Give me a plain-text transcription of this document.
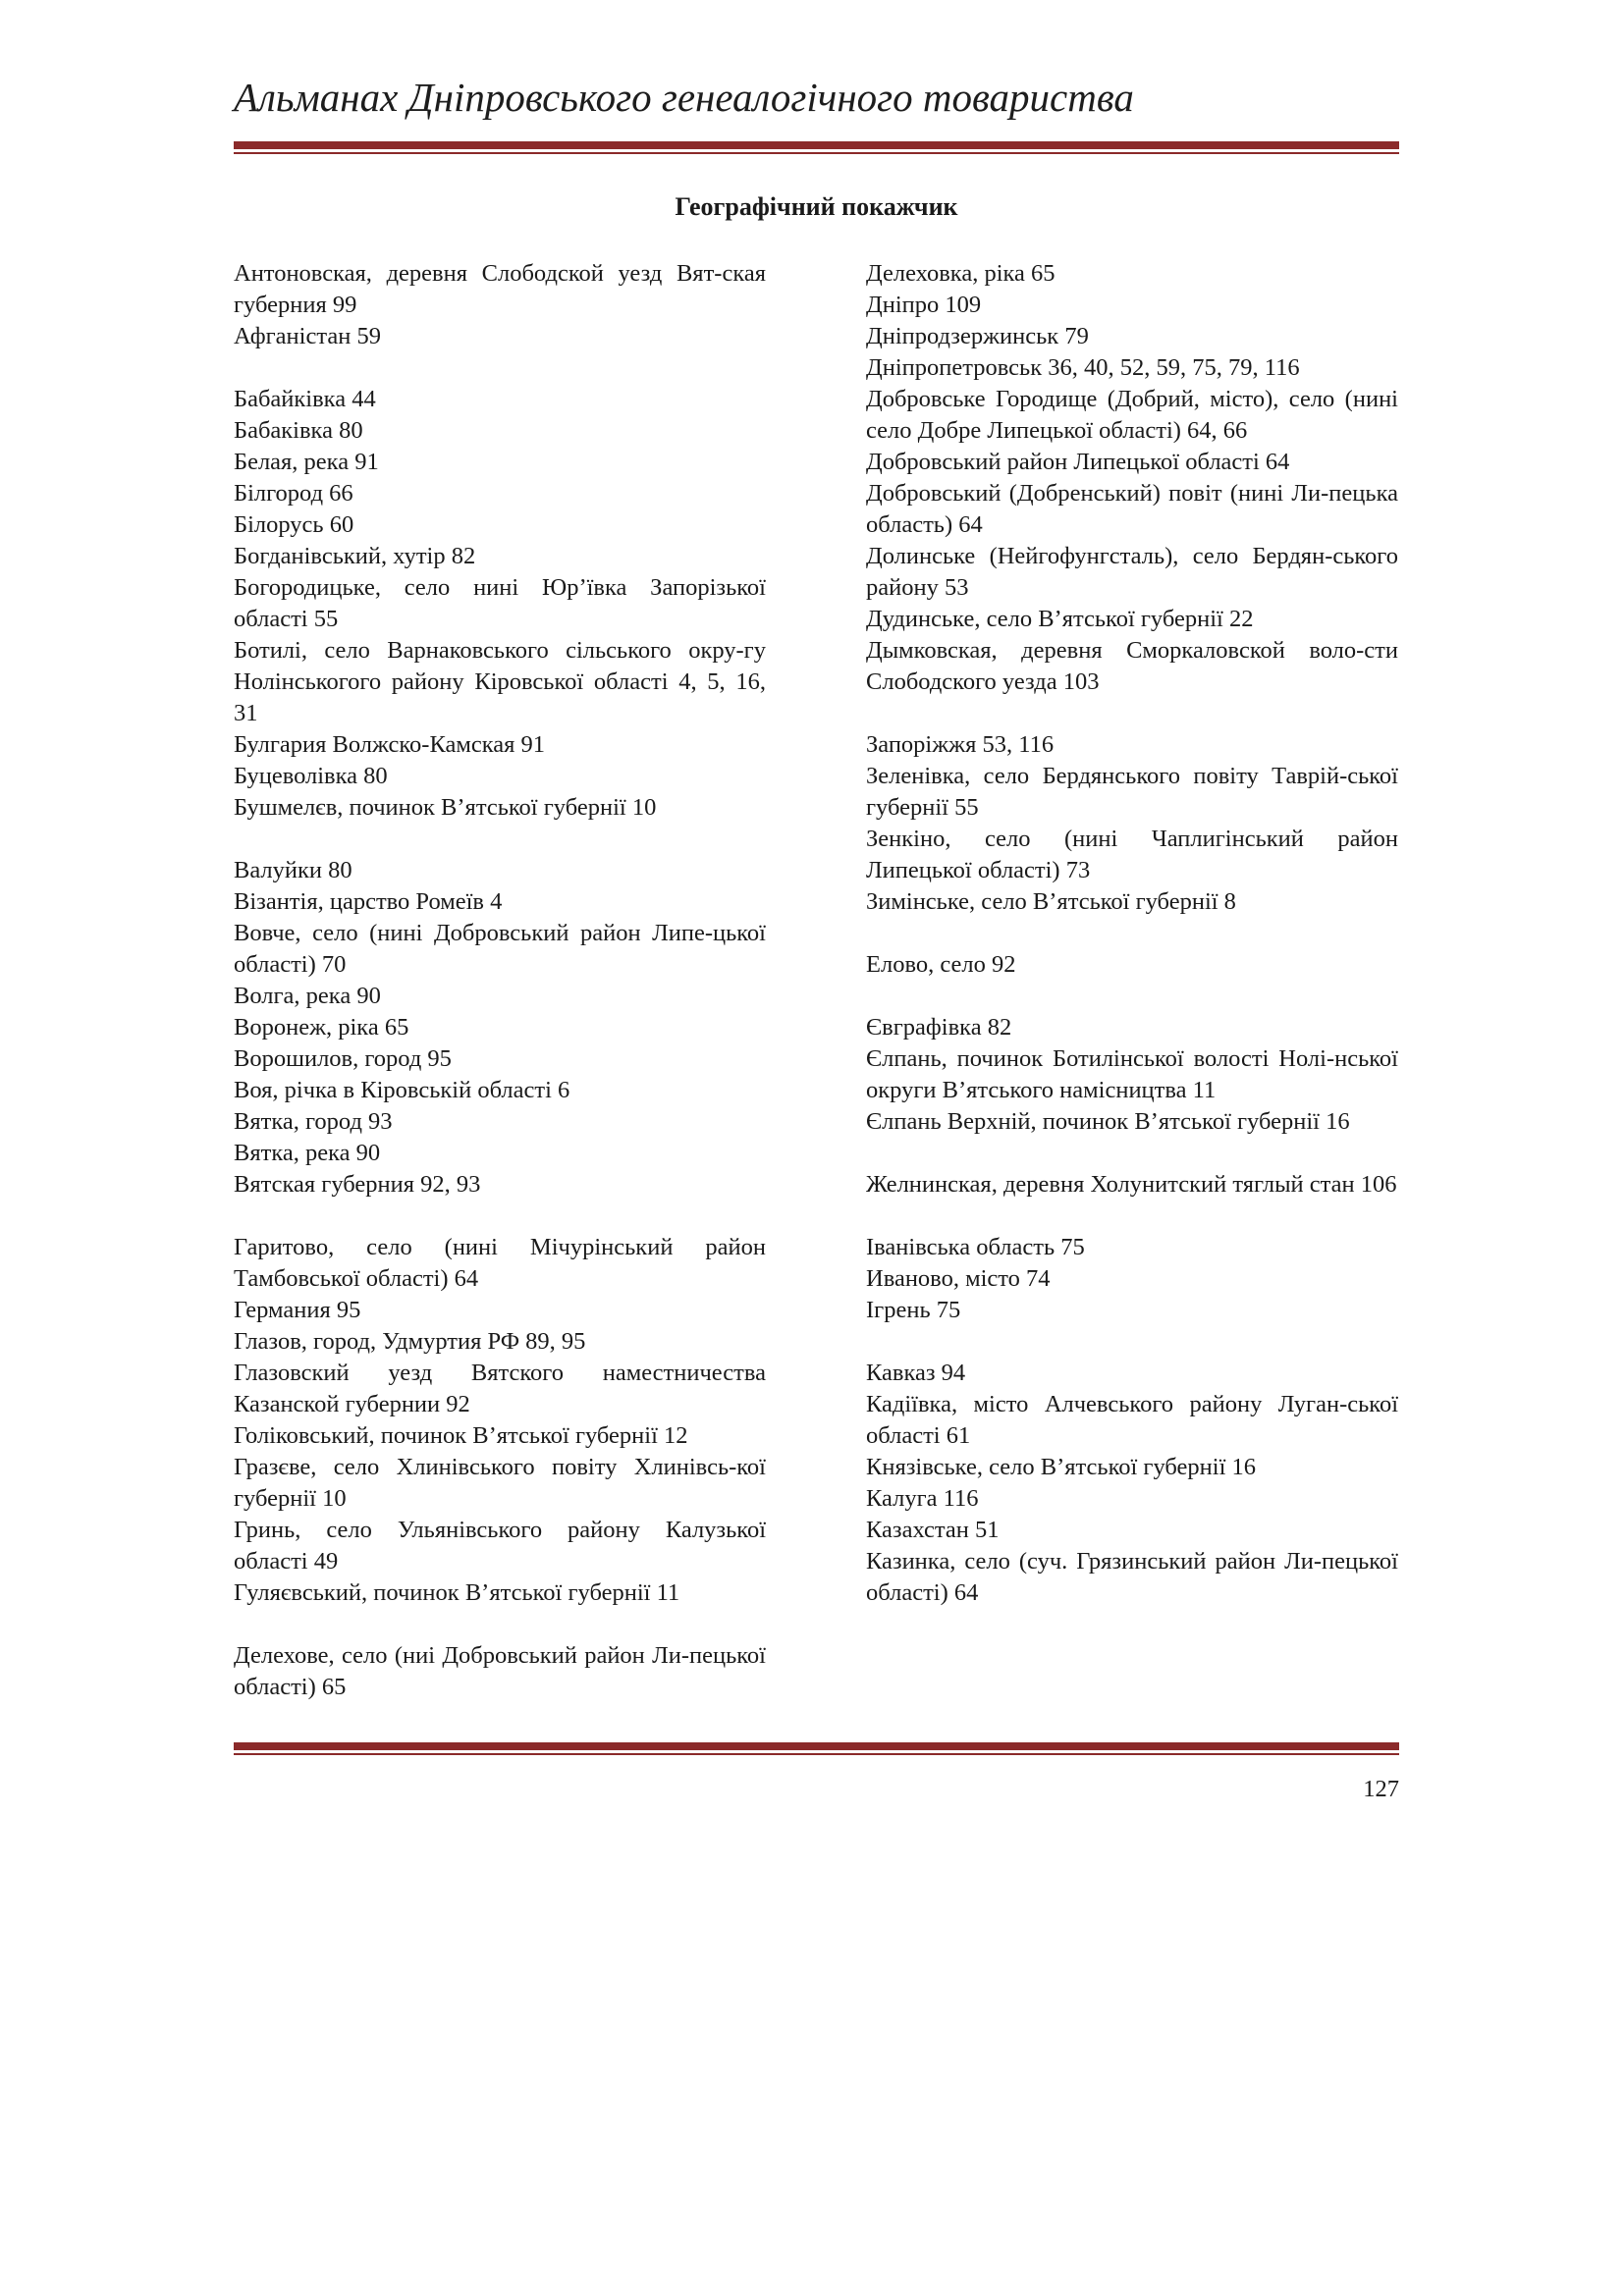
Альманах Дніпровського генеалогічного товариства
Географічний покажчик

Антоновская, деревня Слободской уезд Вят-ская губерния 99

Афганістан 59

Бабайківка 44

Бабаківка 80

Белая, река 91

Білгород 66

Білорусь 60

Богданівський, хутір 82

Богородицьке, село нині Юр’ївка Запорізької області 55

Ботилі, село Варнаковського сільського окру-гу Нолінськогого району Кіровської області 4, 5, 16, 31

Булгария Волжско-Камская 91

Буцеволівка 80

Бушмелєв, починок В’ятської губернії 10

Валуйки 80

Візантія, царство Ромеїв 4

Вовче, село (нині Добровський район Липе-цької області) 70

Волга, река 90

Воронеж, ріка 65

Ворошилов, город 95

Воя, річка в Кіровській області 6

Вятка, город 93

Вятка, река 90

Вятская губерния 92, 93

Гаритово, село (нині Мічурінський район Тамбовської області) 64

Германия 95

Глазов, город, Удмуртия РФ 89, 95

Глазовский уезд Вятского наместничества Казанской губернии 92

Голіковський, починок В’ятської губернії 12

Гразєве, село Хлинівського повіту Хлинівсь-кої губернії 10

Гринь, село Ульянівського району Калузької області 49

Гуляєвський, починок В’ятської губернії 11

Делехове, село (ниі Добровський район Ли-пецької області) 65

Делеховка, ріка 65

Дніпро 109

Дніпродзержинськ 79

Дніпропетровськ 36, 40, 52, 59, 75, 79, 116

Добровське Городище (Добрий, місто), село (нині село Добре Липецької області) 64, 66

Добровський район Липецької області 64

Добровський (Добренський) повіт (нині Ли-пецька область) 64

Долинське (Нейгофунгсталь), село Бердян-ського району 53

Дудинське, село В’ятської губернії 22

Дымковская, деревня Сморкаловской воло-сти Слободского уезда 103

Запоріжжя 53, 116

Зеленівка, село Бердянського повіту Таврій-ської губернії 55

Зенкіно, село (нині Чаплигінський район Липецької області) 73

Зимінське, село В’ятської губернії 8

Елово, село 92

Євграфівка 82

Єлпань, починок Ботилінської волості Нолі-нської округи В’ятського намісництва 11

Єлпань Верхній, починок В’ятської губернії 16

Желнинская, деревня Холунитский тяглый стан 106

Іванівська область 75

Иваново, місто 74

Ігрень 75

Кавказ 94

Кадіївка, місто Алчевського району Луган-ської області 61

Князівське, село В’ятської губернії 16

Калуга 116

Казахстан 51

Казинка, село (суч. Грязинський район Ли-пецької області) 64

127
